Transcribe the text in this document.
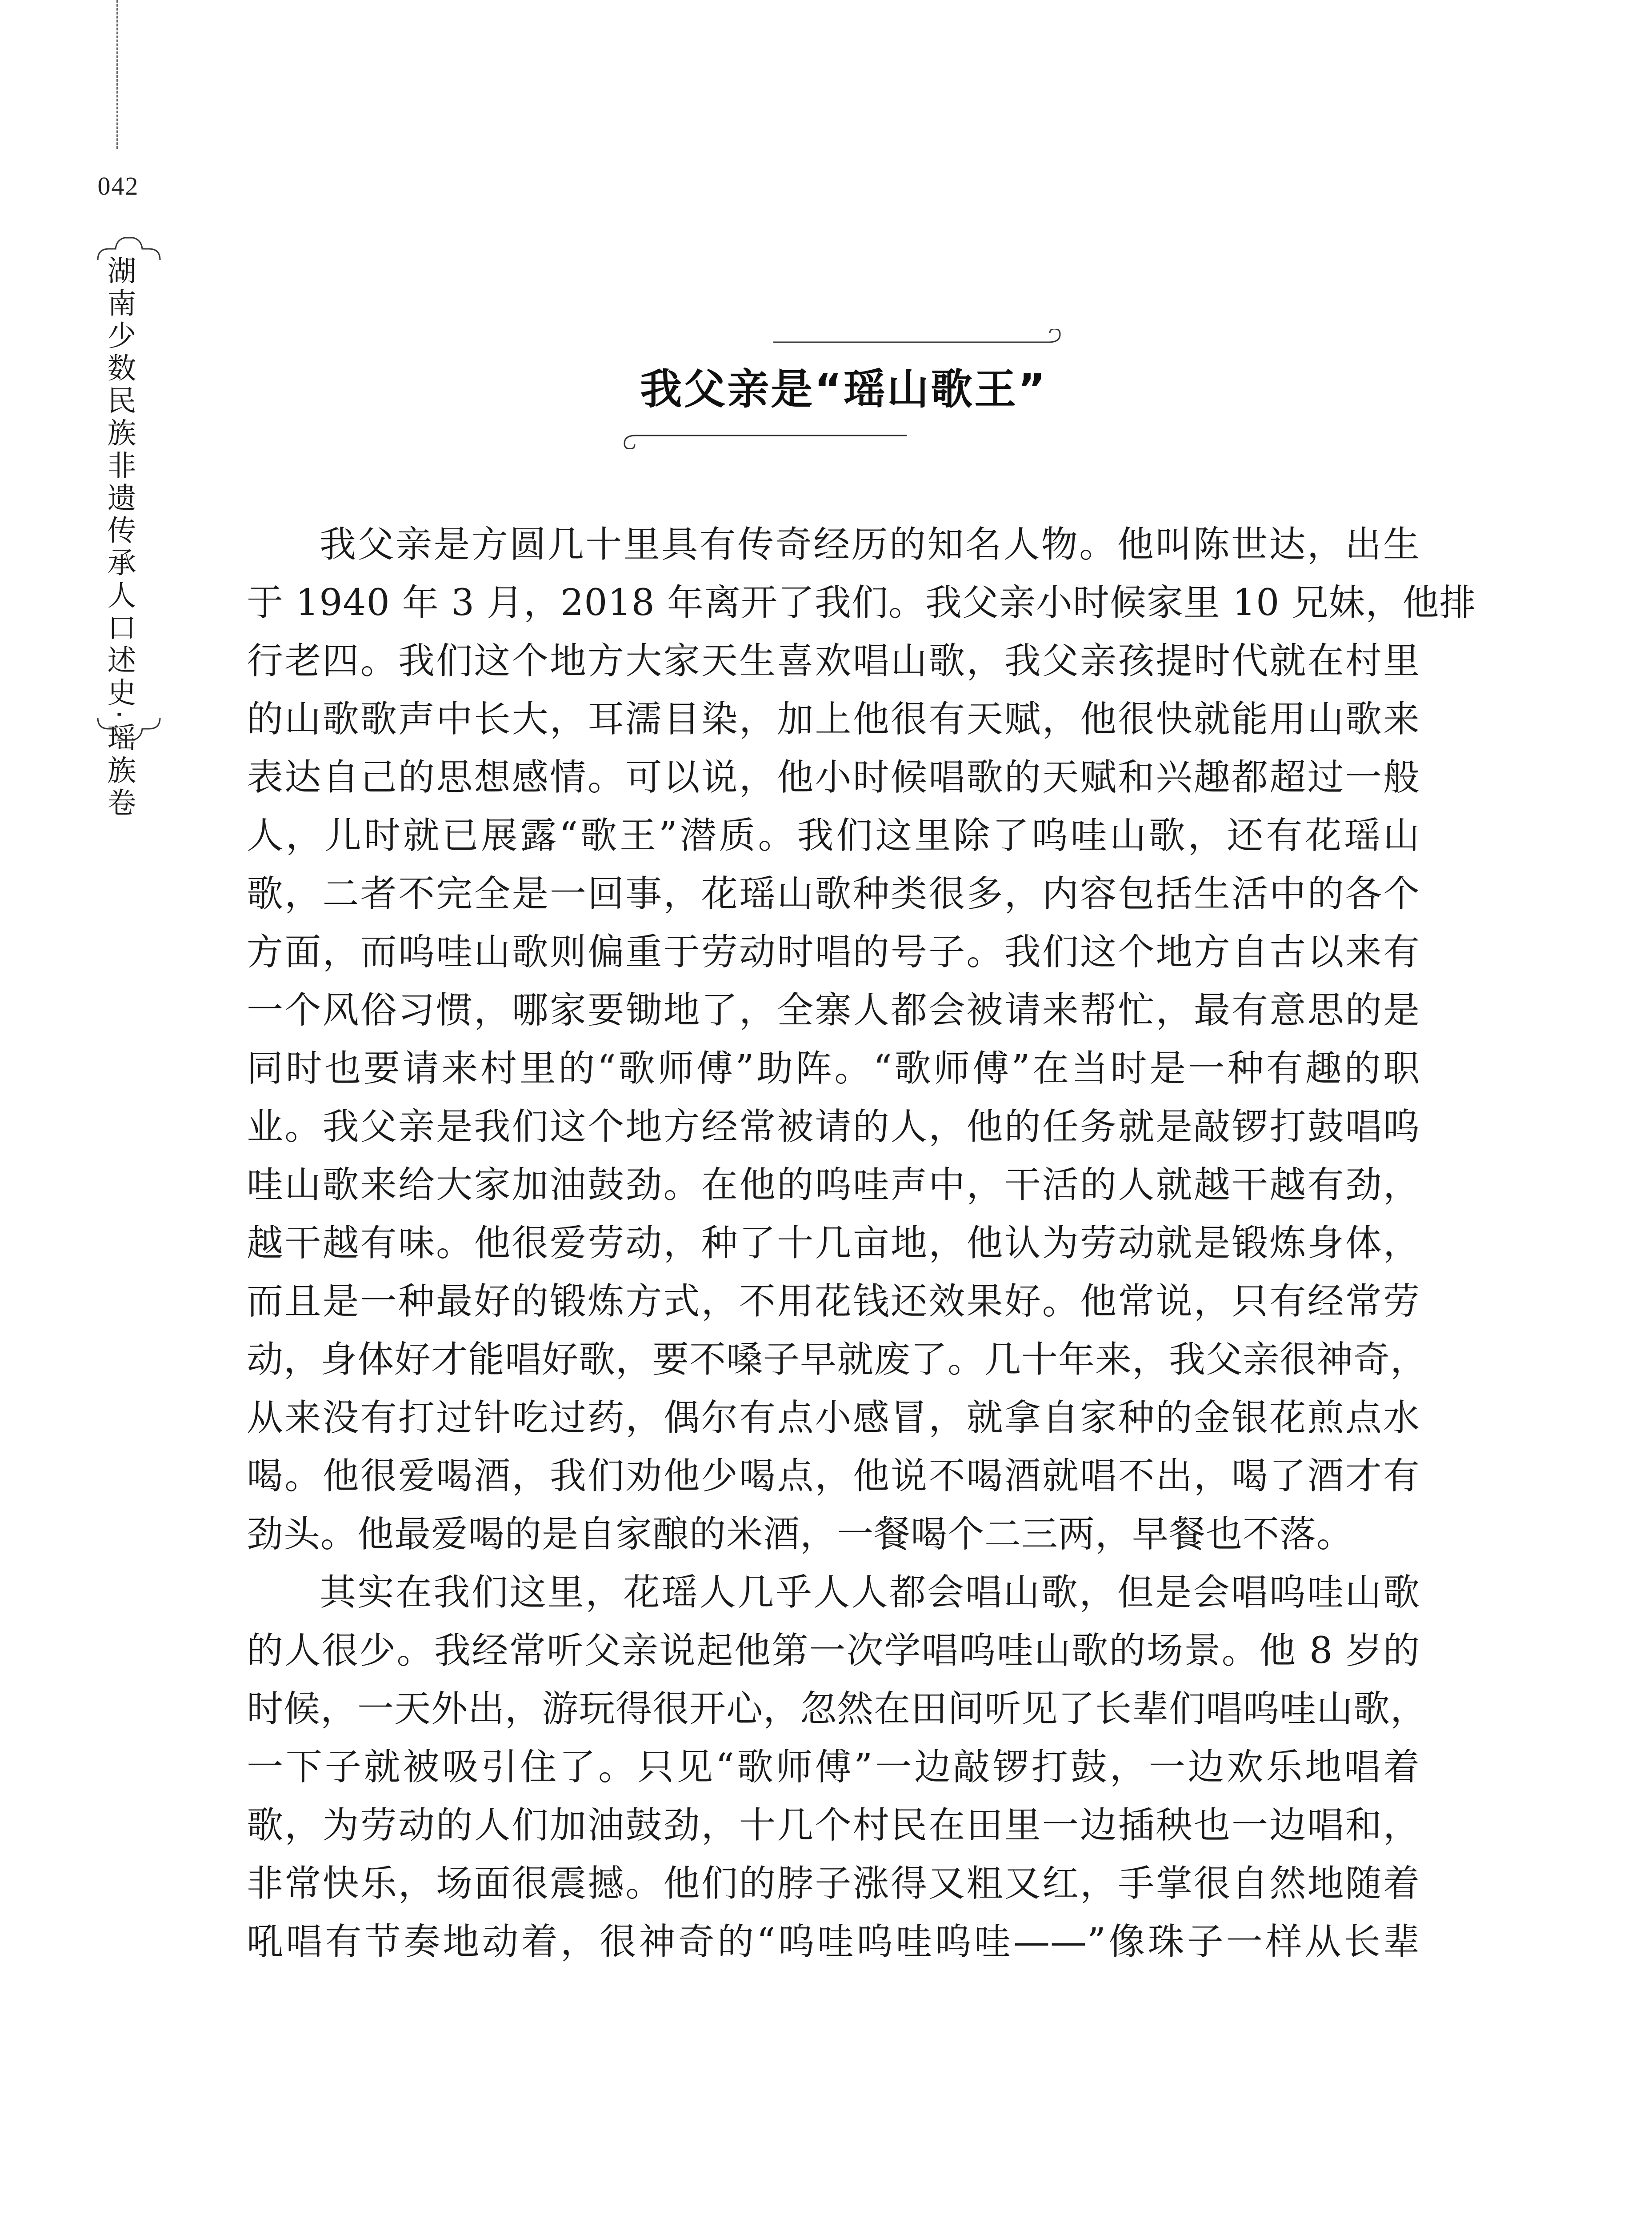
042
湖南少数民族非遗传承人口述史·瑶族卷	我父亲是“瑶山歌王”
我父亲是方圆几十里具有传奇经历的知名人物。他叫陈世达，出生
于 1940 年 3 月，2018 年离开了我们。我父亲小时候家里 10 兄妹，他排
行老四。我们这个地方大家天生喜欢唱山歌，我父亲孩提时代就在村里
的山歌歌声中长大，耳濡目染，加上他很有天赋，他很快就能用山歌来
表达自己的思想感情。可以说，他小时候唱歌的天赋和兴趣都超过一般
人，儿时就已展露“歌王”潜质。我们这里除了呜哇山歌，还有花瑶山
歌，二者不完全是一回事，花瑶山歌种类很多，内容包括生活中的各个
方面，而呜哇山歌则偏重于劳动时唱的号子。我们这个地方自古以来有
一个风俗习惯，哪家要锄地了，全寨人都会被请来帮忙，最有意思的是
同时也要请来村里的“歌师傅”助阵。“歌师傅”在当时是一种有趣的职
业。我父亲是我们这个地方经常被请的人，他的任务就是敲锣打鼓唱呜
哇山歌来给大家加油鼓劲。在他的呜哇声中，干活的人就越干越有劲，
越干越有味。他很爱劳动，种了十几亩地，他认为劳动就是锻炼身体，
而且是一种最好的锻炼方式，不用花钱还效果好。他常说，只有经常劳
动，身体好才能唱好歌，要不嗓子早就废了。几十年来，我父亲很神奇，
从来没有打过针吃过药，偶尔有点小感冒，就拿自家种的金银花煎点水
喝。他很爱喝酒，我们劝他少喝点，他说不喝酒就唱不出，喝了酒才有
劲头。他最爱喝的是自家酿的米酒，一餐喝个二三两，早餐也不落。
其实在我们这里，花瑶人几乎人人都会唱山歌，但是会唱呜哇山歌
的人很少。我经常听父亲说起他第一次学唱呜哇山歌的场景。他 8 岁的
时候，一天外出，游玩得很开心，忽然在田间听见了长辈们唱呜哇山歌，
一下子就被吸引住了。只见“歌师傅”一边敲锣打鼓，一边欢乐地唱着
歌，为劳动的人们加油鼓劲，十几个村民在田里一边插秧也一边唱和，
非常快乐，场面很震撼。他们的脖子涨得又粗又红，手掌很自然地随着
吼唱有节奏地动着，很神奇的“呜哇呜哇呜哇——”像珠子一样从长辈
